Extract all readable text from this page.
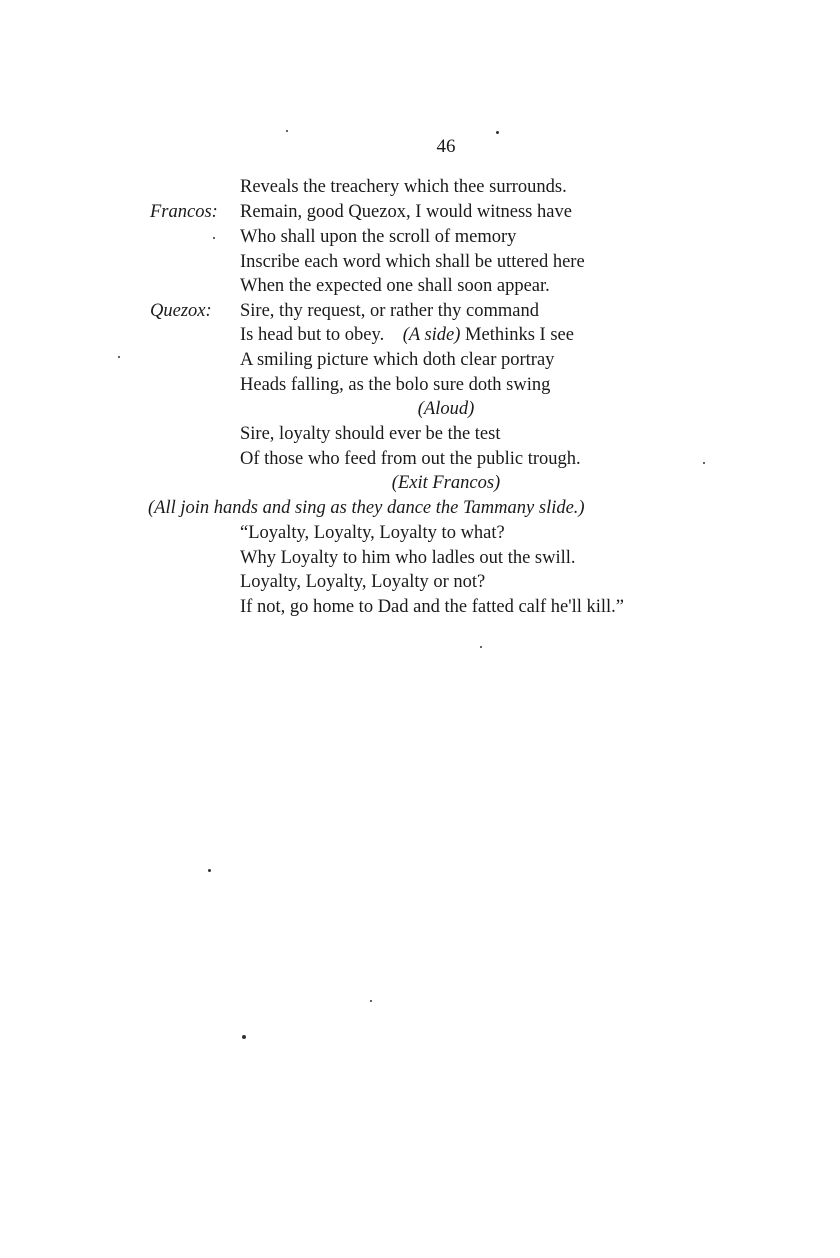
46
Reveals the treachery which thee surrounds.
Francos: Remain, good Quezox, I would witness have
Who shall upon the scroll of memory
Inscribe each word which shall be uttered here
When the expected one shall soon appear.
Quezox: Sire, thy request, or rather thy command
Is head but to obey. (A side) Methinks I see
A smiling picture which doth clear portray
Heads falling, as the bolo sure doth swing
(Aloud)
Sire, loyalty should ever be the test
Of those who feed from out the public trough.
(Exit Francos)
(All join hands and sing as they dance the Tammany slide.)
“Loyalty, Loyalty, Loyalty to what?
Why Loyalty to him who ladles out the swill.
Loyalty, Loyalty, Loyalty or not?
If not, go home to Dad and the fatted calf he'll kill.”
